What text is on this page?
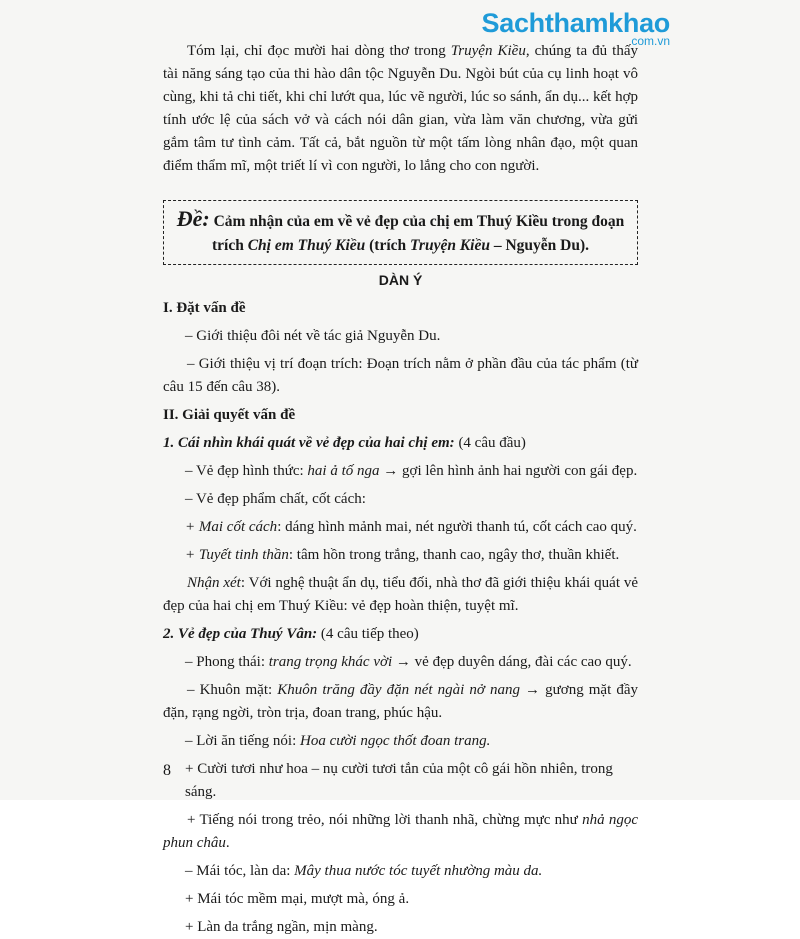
Sachthamkhao
com.vn

Tóm lại, chỉ đọc mười hai dòng thơ trong Truyện Kiều, chúng ta đủ thấy tài năng sáng tạo của thi hào dân tộc Nguyễn Du. Ngòi bút của cụ linh hoạt vô cùng, khi tả chi tiết, khi chỉ lướt qua, lúc vẽ người, lúc so sánh, ẩn dụ... kết hợp tính ước lệ của sách vở và cách nói dân gian, vừa làm văn chương, vừa gửi gắm tâm tư tình cảm. Tất cả, bắt nguồn từ một tấm lòng nhân đạo, một quan điểm thẩm mĩ, một triết lí vì con người, lo lắng cho con người.

Đề: Cảm nhận của em về vẻ đẹp của chị em Thuý Kiều trong đoạn trích Chị em Thuý Kiều (trích Truyện Kiều – Nguyễn Du).
DÀN Ý
I. Đặt vấn đề
– Giới thiệu đôi nét về tác giả Nguyễn Du.
– Giới thiệu vị trí đoạn trích: Đoạn trích nằm ở phần đầu của tác phẩm (từ câu 15 đến câu 38).
II. Giải quyết vấn đề
1. Cái nhìn khái quát về vẻ đẹp của hai chị em: (4 câu đầu)
– Vẻ đẹp hình thức: hai ả tố nga → gợi lên hình ảnh hai người con gái đẹp.
– Vẻ đẹp phẩm chất, cốt cách:
+ Mai cốt cách: dáng hình mảnh mai, nét người thanh tú, cốt cách cao quý.
+ Tuyết tinh thần: tâm hồn trong trắng, thanh cao, ngây thơ, thuần khiết.
Nhận xét: Với nghệ thuật ẩn dụ, tiểu đối, nhà thơ đã giới thiệu khái quát vẻ đẹp của hai chị em Thuý Kiều: vẻ đẹp hoàn thiện, tuyệt mĩ.
2. Vẻ đẹp của Thuý Vân: (4 câu tiếp theo)
– Phong thái: trang trọng khác vời → vẻ đẹp duyên dáng, đài các cao quý.
– Khuôn mặt: Khuôn trăng đầy đặn nét ngài nở nang → gương mặt đầy đặn, rạng ngời, tròn trịa, đoan trang, phúc hậu.
– Lời ăn tiếng nói: Hoa cười ngọc thốt đoan trang.
+ Cười tươi như hoa – nụ cười tươi tắn của một cô gái hồn nhiên, trong sáng.
+ Tiếng nói trong trẻo, nói những lời thanh nhã, chừng mực như nhả ngọc phun châu.
– Mái tóc, làn da: Mây thua nước tóc tuyết nhường màu da.
+ Mái tóc mềm mại, mượt mà, óng ả.
+ Làn da trắng ngần, mịn màng.
8
